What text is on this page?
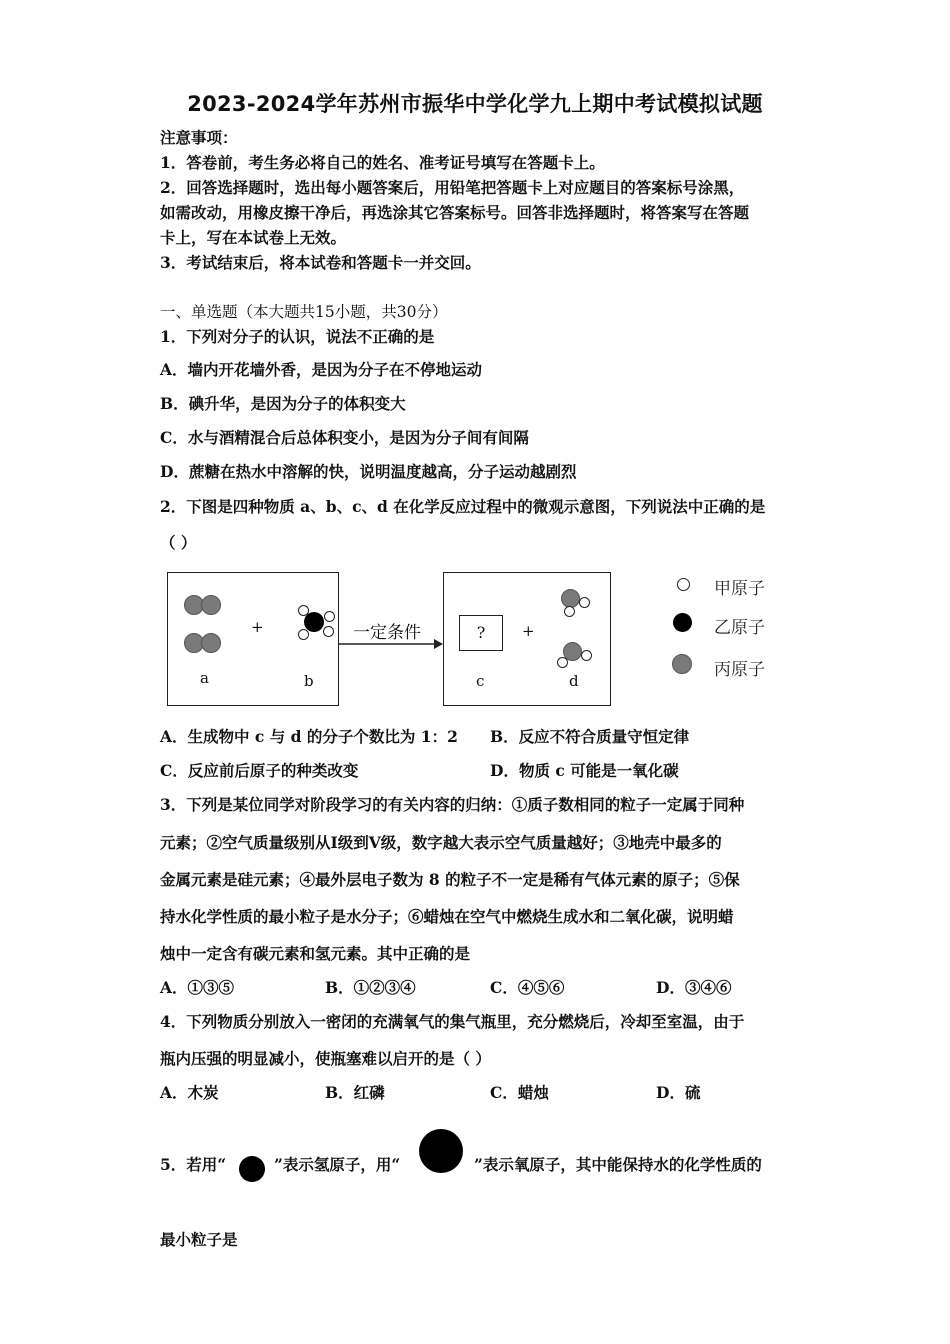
2023-2024学年苏州市振华中学化学九上期中考试模拟试题
注意事项：
1．答卷前，考生务必将自己的姓名、准考证号填写在答题卡上。
2．回答选择题时，选出每小题答案后，用铅笔把答题卡上对应题目的答案标号涂黑，
如需改动，用橡皮擦干净后，再选涂其它答案标号。回答非选择题时，将答案写在答题
卡上，写在本试卷上无效。
3．考试结束后，将本试卷和答题卡一并交回。
一、单选题（本大题共15小题，共30分）
1．下列对分子的认识，说法不正确的是
A．墙内开花墙外香，是因为分子在不停地运动
B．碘升华，是因为分子的体积变大
C．水与酒精混合后总体积变小，是因为分子间有间隔
D．蔗糖在热水中溶解的快，说明温度越高，分子运动越剧烈
2．下图是四种物质 a、b、c、d 在化学反应过程中的微观示意图，下列说法中正确的是
（ ）
+
a	b
一定条件	?	+
c	d
甲原子
乙原子
丙原子
A．生成物中 c 与 d 的分子个数比为 1：2 B．反应不符合质量守恒定律
C．反应前后原子的种类改变	D．物质 c 可能是一氧化碳
3．下列是某位同学对阶段学习的有关内容的归纳：①质子数相同的粒子一定属于同种
元素；②空气质量级别从Ⅰ级到Ⅴ级，数字越大表示空气质量越好；③地壳中最多的
金属元素是硅元素；④最外层电子数为 8 的粒子不一定是稀有气体元素的原子；⑤保
持水化学性质的最小粒子是水分子；⑥蜡烛在空气中燃烧生成水和二氧化碳，说明蜡
烛中一定含有碳元素和氢元素。其中正确的是
A．①③⑤	B．①②③④	C．④⑤⑥	D．③④⑥
4．下列物质分别放入一密闭的充满氧气的集气瓶里，充分燃烧后，冷却至室温，由于
瓶内压强的明显减小，使瓶塞难以启开的是（ ）
A．木炭	B．红磷	C．蜡烛	D．硫
5．若用“	”表示氢原子，用“	”表示氧原子，其中能保持水的化学性质的
最小粒子是
